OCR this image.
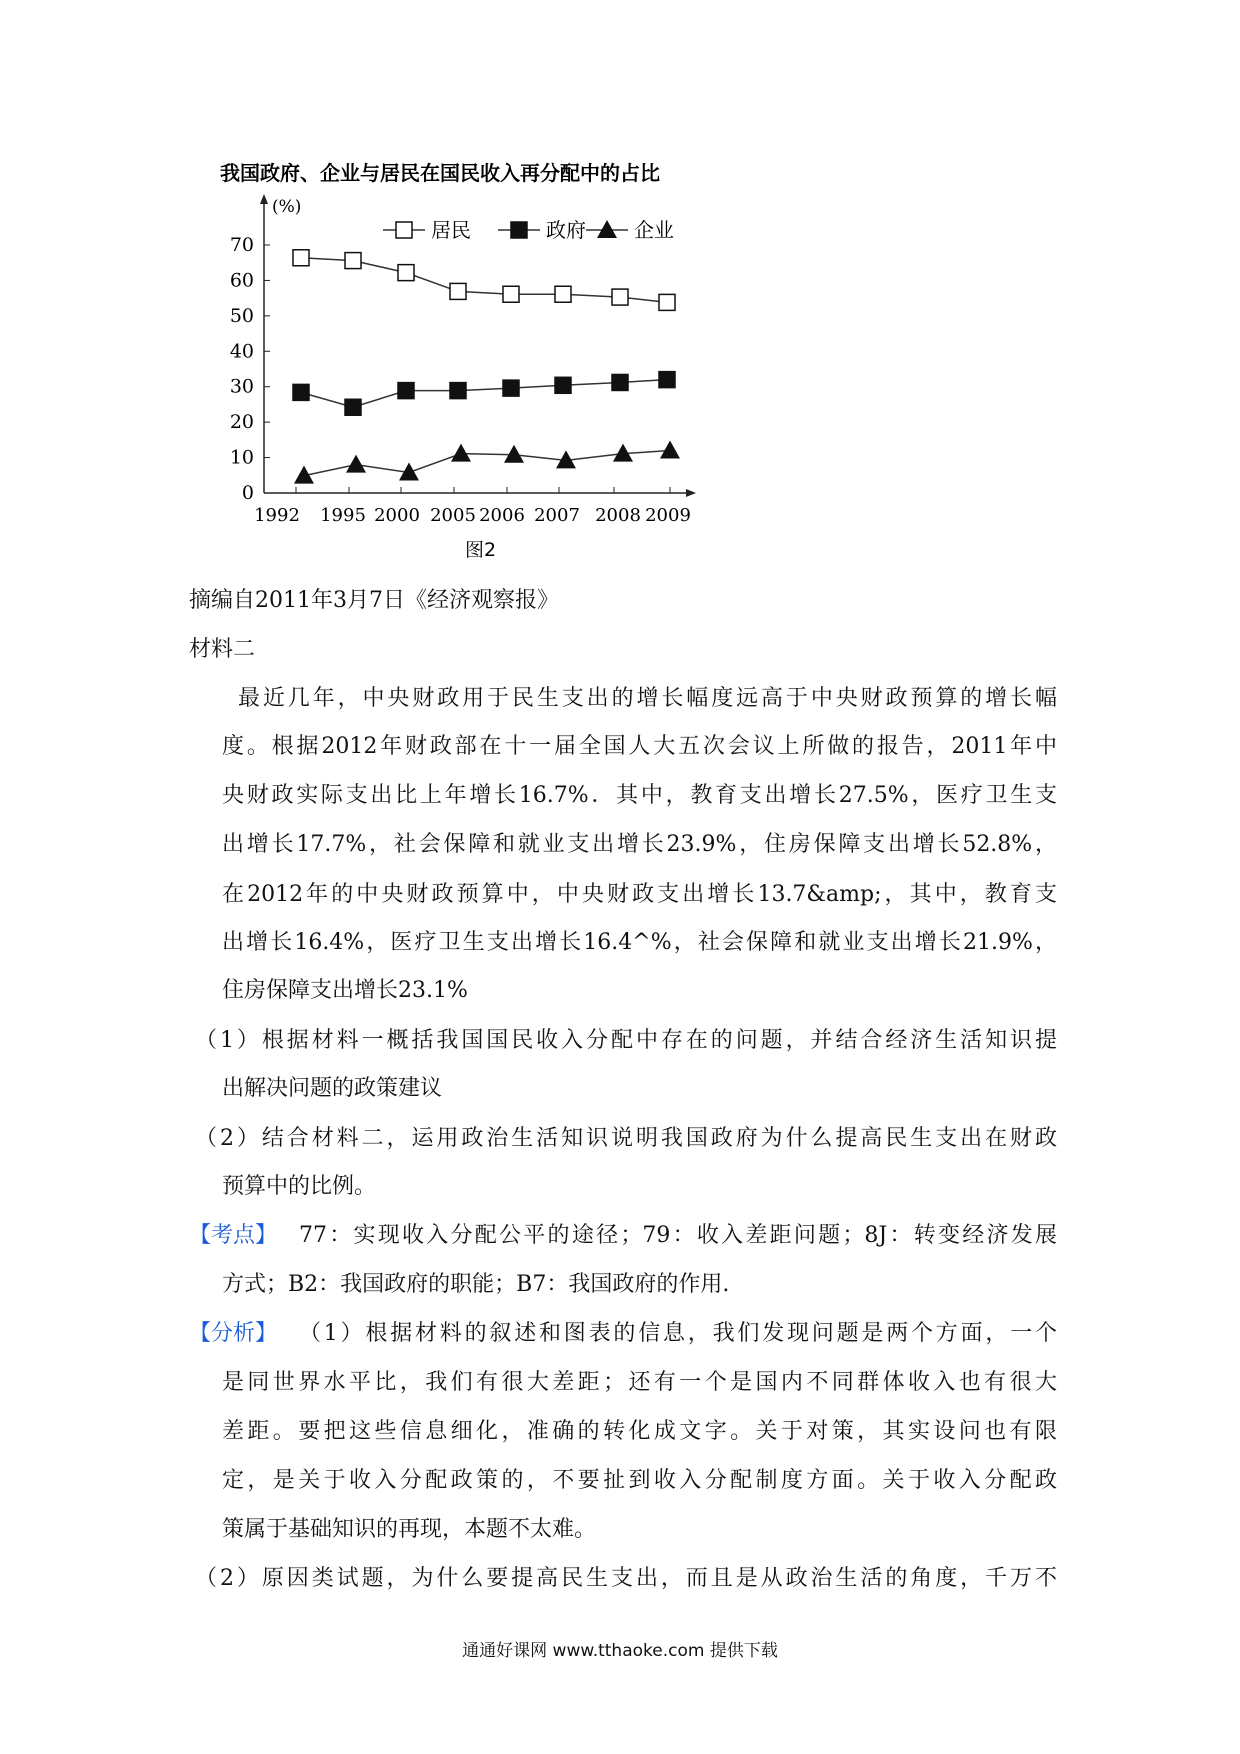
我国政府、企业与居民在国民收入再分配中的占比
(%)
0
10
20
30
40
50
60
70
1992 1995 2000 2005 2006 2007 2008 2009
居民	政府 企业
图2
摘编自2011年3月7日《经济观察报》
材料二
最近几年，中央财政用于民生支出的增长幅度远高于中央财政预算的增长幅
度。根据2012年财政部在十一届全国人大五次会议上所做的报告，2011年中
央财政实际支出比上年增长16.7%．其中，教育支出增长27.5%，医疗卫生支
出增长17.7%，社会保障和就业支出增长23.9%，住房保障支出增长52.8%，
在2012年的中央财政预算中，中央财政支出增长13.7&amp;，其中，教育支
出增长16.4%，医疗卫生支出增长16.4^%，社会保障和就业支出增长21.9%，
住房保障支出增长23.1%
（1）根据材料一概括我国国民收入分配中存在的问题，并结合经济生活知识提
出解决问题的政策建议
（2）结合材料二，运用政治生活知识说明我国政府为什么提高民生支出在财政
预算中的比例。
【考点】 77：实现收入分配公平的途径；79：收入差距问题；8J：转变经济发展
方式；B2：我国政府的职能；B7：我国政府的作用.
【分析】 （1）根据材料的叙述和图表的信息，我们发现问题是两个方面，一个
是同世界水平比，我们有很大差距；还有一个是国内不同群体收入也有很大
差距。要把这些信息细化，准确的转化成文字。关于对策，其实设问也有限
定，是关于收入分配政策的，不要扯到收入分配制度方面。关于收入分配政
策属于基础知识的再现，本题不太难。
（2）原因类试题，为什么要提高民生支出，而且是从政治生活的角度，千万不
通通好课网 www.tthaoke.com 提供下载
